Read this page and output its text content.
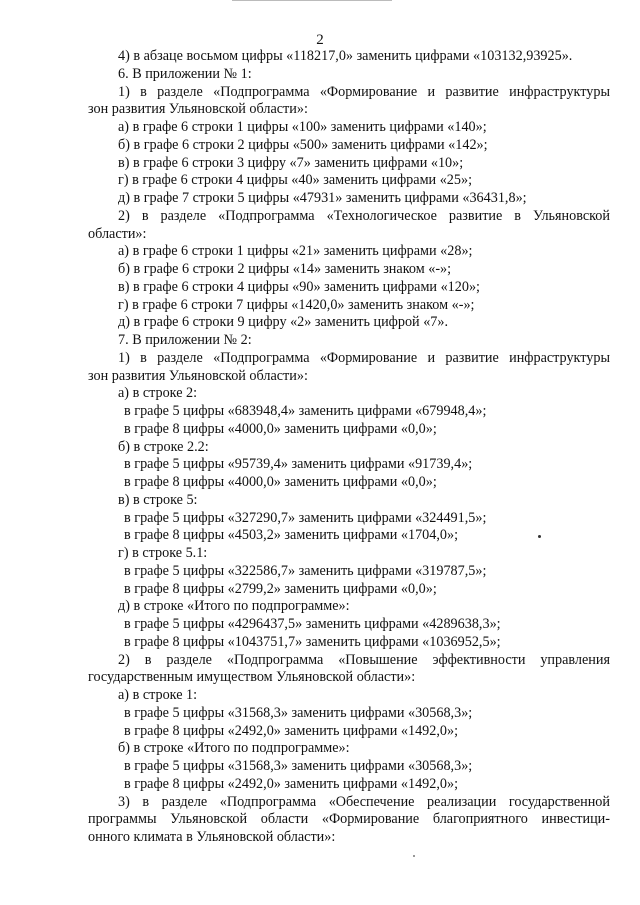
2
4) в абзаце восьмом цифры «118217,0» заменить цифрами «103132,93925».
6. В приложении № 1:
1) в разделе «Подпрограмма «Формирование и развитие инфраструктуры
зон развития Ульяновской области»:
а) в графе 6 строки 1 цифры «100» заменить цифрами «140»;
б) в графе 6 строки 2 цифры «500» заменить цифрами «142»;
в) в графе 6 строки 3 цифру «7» заменить цифрами «10»;
г) в графе 6 строки 4 цифры «40» заменить цифрами «25»;
д) в графе 7 строки 5 цифры «47931» заменить цифрами «36431,8»;
2) в разделе «Подпрограмма «Технологическое развитие в Ульяновской
области»:
а) в графе 6 строки 1 цифры «21» заменить цифрами «28»;
б) в графе 6 строки 2 цифры «14» заменить знаком «-»;
в) в графе 6 строки 4 цифры «90» заменить цифрами «120»;
г) в графе 6 строки 7 цифры «1420,0» заменить знаком «-»;
д) в графе 6 строки 9 цифру «2» заменить цифрой «7».
7. В приложении № 2:
1) в разделе «Подпрограмма «Формирование и развитие инфраструктуры
зон развития Ульяновской области»:
а) в строке 2:
в графе 5 цифры «683948,4» заменить цифрами «679948,4»;
в графе 8 цифры «4000,0» заменить цифрами «0,0»;
б) в строке 2.2:
в графе 5 цифры «95739,4» заменить цифрами «91739,4»;
в графе 8 цифры «4000,0» заменить цифрами «0,0»;
в) в строке 5:
в графе 5 цифры «327290,7» заменить цифрами «324491,5»;
в графе 8 цифры «4503,2» заменить цифрами «1704,0»;
г) в строке 5.1:
в графе 5 цифры «322586,7» заменить цифрами «319787,5»;
в графе 8 цифры «2799,2» заменить цифрами «0,0»;
д) в строке «Итого по подпрограмме»:
в графе 5 цифры «4296437,5» заменить цифрами «4289638,3»;
в графе 8 цифры «1043751,7» заменить цифрами «1036952,5»;
2) в разделе «Подпрограмма «Повышение эффективности управления
государственным имуществом Ульяновской области»:
а) в строке 1:
в графе 5 цифры «31568,3» заменить цифрами «30568,3»;
в графе 8 цифры «2492,0» заменить цифрами «1492,0»;
б) в строке «Итого по подпрограмме»:
в графе 5 цифры «31568,3» заменить цифрами «30568,3»;
в графе 8 цифры «2492,0» заменить цифрами «1492,0»;
3) в разделе «Подпрограмма «Обеспечение реализации государственной
программы Ульяновской области «Формирование благоприятного инвестици-
онного климата в Ульяновской области»:
